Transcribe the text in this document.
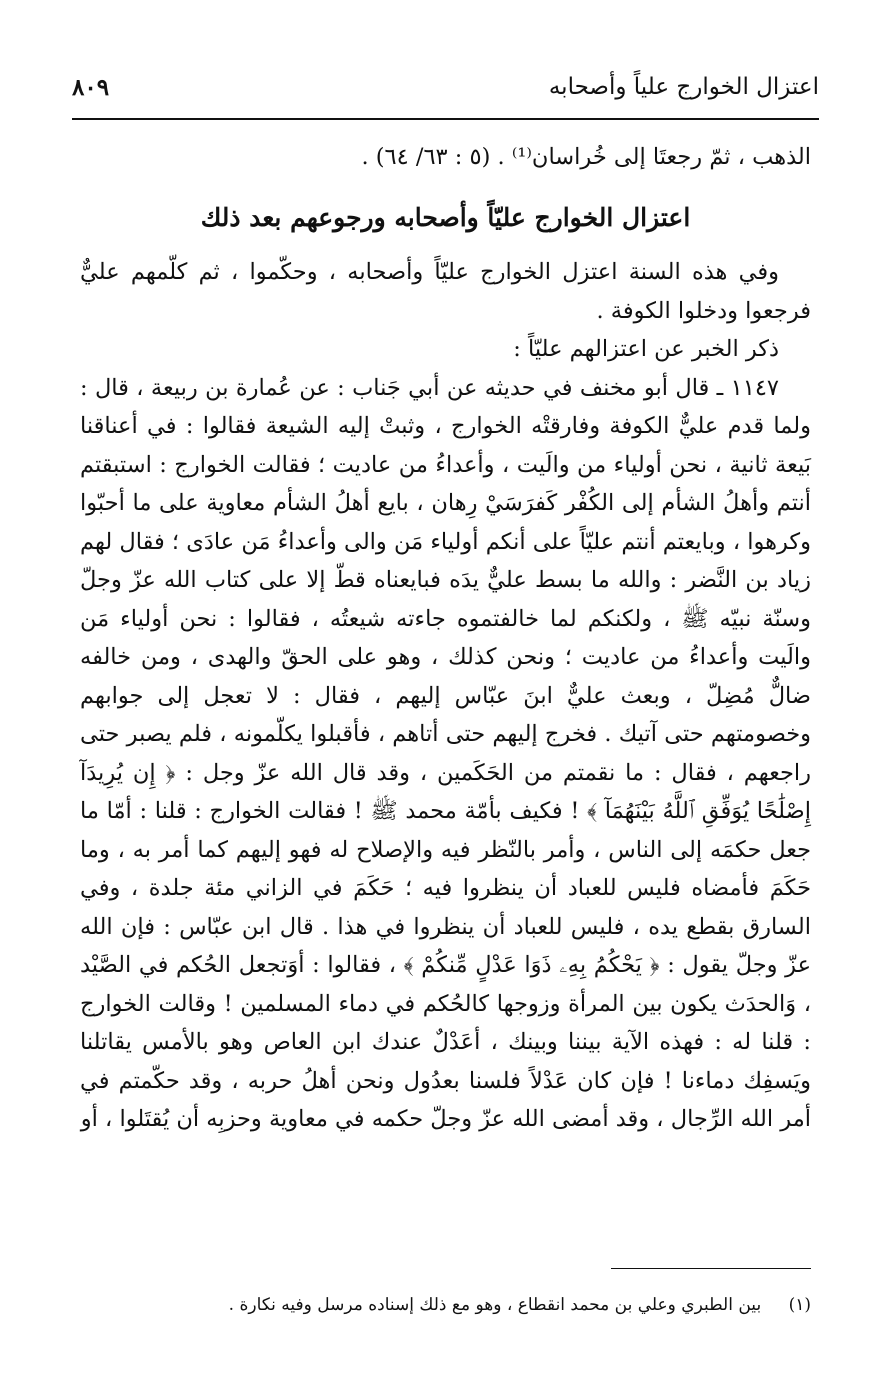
اعتزال الخوارج علياً وأصحابه
٨٠٩

الذهب ، ثمّ رجعتَا إلى خُراسان⁽¹⁾ . (٥ : ٦٣/ ٦٤) .

اعتزال الخوارج عليّاً وأصحابه ورجوعهم بعد ذلك

وفي هذه السنة اعتزل الخوارج عليّاً وأصحابه ، وحكّموا ، ثم كلّمهم عليٌّ فرجعوا ودخلوا الكوفة .

ذكر الخبر عن اعتزالهم عليّاً :

١١٤٧ ـ قال أبو مخنف في حديثه عن أبي جَناب : عن عُمارة بن ربيعة ، قال : ولما قدم عليٌّ الكوفة وفارقتْه الخوارج ، وثبتْ إليه الشيعة فقالوا : في أعناقنا بَيعة ثانية ، نحن أولياء من والَيت ، وأعداءُ من عاديت ؛ فقالت الخوارج : استبقتم أنتم وأهلُ الشأم إلى الكُفْر كَفرَسَيْ رِهان ، بايع أهلُ الشأم معاوية على ما أحبّوا وكرهوا ، وبايعتم أنتم عليّاً على أنكم أولياء مَن والى وأعداءُ مَن عادَى ؛ فقال لهم زياد بن النَّضر : والله ما بسط عليٌّ يدَه فبايعناه قطّ إلا على كتاب الله عزّ وجلّ وسنّة نبيّه ﷺ ، ولكنكم لما خالفتموه جاءته شيعتُه ، فقالوا : نحن أولياء مَن والَيت وأعداءُ من عاديت ؛ ونحن كذلك ، وهو على الحقّ والهدى ، ومن خالفه ضالٌّ مُضِلّ ، وبعث عليٌّ ابنَ عبّاس إليهم ، فقال : لا تعجل إلى جوابهم وخصومتهم حتى آتيك . فخرج إليهم حتى أتاهم ، فأقبلوا يكلّمونه ، فلم يصبر حتى راجعهم ، فقال : ما نقمتم من الحَكَمين ، وقد قال الله عزّ وجل : ﴿ إِن يُرِيدَآ إِصْلَٰحًا يُوَفِّقِ ٱللَّهُ بَيْنَهُمَآ ﴾ ! فكيف بأمّة محمد ﷺ ! فقالت الخوارج : قلنا : أمّا ما جعل حكمَه إلى الناس ، وأمر بالنّظر فيه والإصلاح له فهو إليهم كما أمر به ، وما حَكَمَ فأمضاه فليس للعباد أن ينظروا فيه ؛ حَكَمَ في الزاني مئة جلدة ، وفي السارق بقطع يده ، فليس للعباد أن ينظروا في هذا . قال ابن عبّاس : فإن الله عزّ وجلّ يقول : ﴿ يَحْكُمُ بِهِۦ ذَوَا عَدْلٍ مِّنكُمْ ﴾ ، فقالوا : أوَتجعل الحُكم في الصَّيْد ، وَالحدَث يكون بين المرأة وزوجها كالحُكم في دماء المسلمين ! وقالت الخوارج : قلنا له : فهذه الآية بيننا وبينك ، أعَدْلٌ عندك ابن العاص وهو بالأمس يقاتلنا ويَسفِك دماءنا ! فإن كان عَدْلاً فلسنا بعدُول ونحن أهلُ حربه ، وقد حكّمتم في أمر الله الرِّجال ، وقد أمضى الله عزّ وجلّ حكمه في معاوية وحزبِه أن يُقتَلوا ، أو

(١) بين الطبري وعلي بن محمد انقطاع ، وهو مع ذلك إسناده مرسل وفيه نكارة .
